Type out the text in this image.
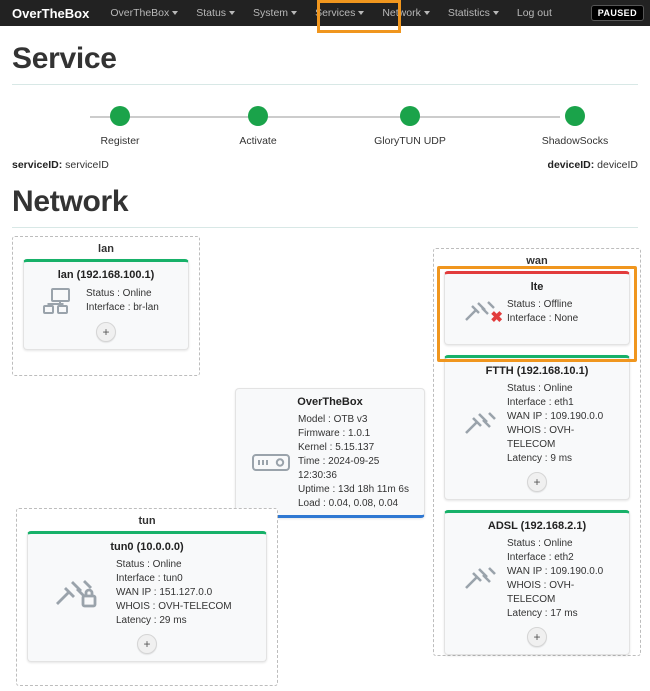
OverTheBox	OverTheBox	Status	System	Services	Network	Statistics	Log out	PAUSED
Service
Register	Activate	GloryTUN UDP	ShadowSocks
serviceID: serviceID	deviceID: deviceID
Network
lan
lan (192.168.100.1)
Status : Online
Interface : br-lan
+
wan
lte
✖
Status : Offline
Interface : None
FTTH (192.168.10.1)
Status : Online
Interface : eth1
WAN IP : 109.190.0.0
WHOIS : OVH-TELECOM
Latency : 9 ms
+
ADSL (192.168.2.1)
Status : Online
Interface : eth2
WAN IP : 109.190.0.0
WHOIS : OVH-TELECOM
Latency : 17 ms
+
OverTheBox
Model : OTB v3
Firmware : 1.0.1
Kernel : 5.15.137
Time : 2024-09-25 12:30:36
Uptime : 13d 18h 11m 6s
Load : 0.04, 0.08, 0.04
tun
tun0 (10.0.0.0)
Status : Online
Interface : tun0
WAN IP : 151.127.0.0
WHOIS : OVH-TELECOM
Latency : 29 ms
+
